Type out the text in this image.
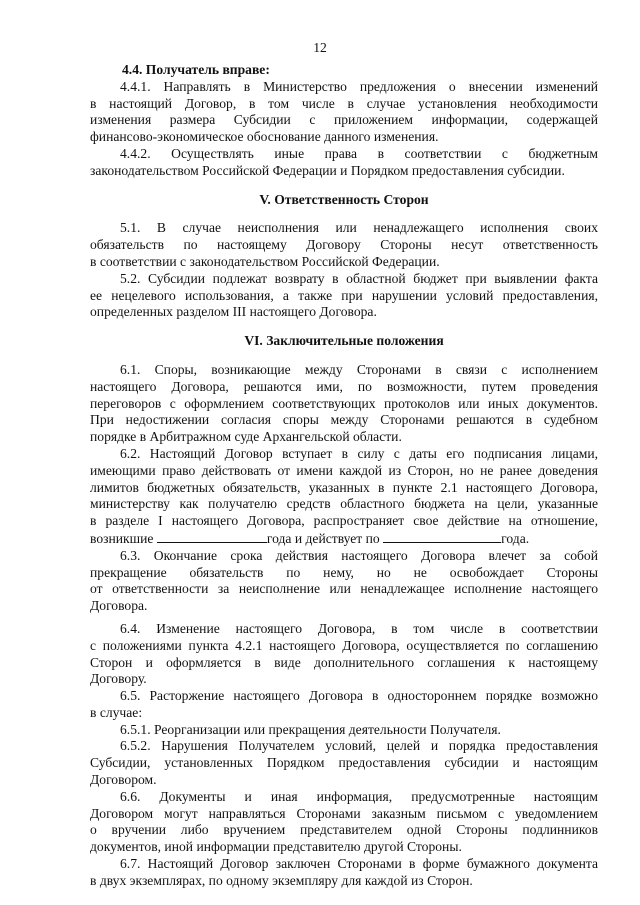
12

4.4. Получатель вправе:

4.4.1. Направлять в Министерство предложения о внесении изменений

в настоящий Договор, в том числе в случае установления необходимости

изменения размера Субсидии с приложением информации, содержащей

финансово-экономическое обоснование данного изменения.

4.4.2. Осуществлять иные права в соответствии с бюджетным

законодательством Российской Федерации и Порядком предоставления субсидии.

V. Ответственность Сторон

5.1. В случае неисполнения или ненадлежащего исполнения своих

обязательств по настоящему Договору Стороны несут ответственность

в соответствии с законодательством Российской Федерации.

5.2. Субсидии подлежат возврату в областной бюджет при выявлении факта

ее нецелевого использования, а также при нарушении условий предоставления,

определенных разделом III настоящего Договора.

VI. Заключительные положения

6.1. Споры, возникающие между Сторонами в связи с исполнением

настоящего Договора, решаются ими, по возможности, путем проведения

переговоров с оформлением соответствующих протоколов или иных документов.

При недостижении согласия споры между Сторонами решаются в судебном

порядке в Арбитражном суде Архангельской области.

6.2. Настоящий Договор вступает в силу с даты его подписания лицами,

имеющими право действовать от имени каждой из Сторон, но не ранее доведения

лимитов бюджетных обязательств, указанных в пункте 2.1 настоящего Договора,

министерству как получателю средств областного бюджета на цели, указанные

в разделе I настоящего Договора, распространяет свое действие на отношение,

возникшие	года и действует по	года.

6.3. Окончание срока действия настоящего Договора влечет за собой

прекращение обязательств по нему, но не освобождает Стороны

от ответственности за неисполнение или ненадлежащее исполнение настоящего

Договора.

6.4. Изменение настоящего Договора, в том числе в соответствии

с положениями пункта 4.2.1 настоящего Договора, осуществляется по соглашению

Сторон и оформляется в виде дополнительного соглашения к настоящему

Договору.

6.5. Расторжение настоящего Договора в одностороннем порядке возможно

в случае:

6.5.1. Реорганизации или прекращения деятельности Получателя.

6.5.2. Нарушения Получателем условий, целей и порядка предоставления

Субсидии, установленных Порядком предоставления субсидии и настоящим

Договором.

6.6. Документы и иная информация, предусмотренные настоящим

Договором могут направляться Сторонами заказным письмом с уведомлением

о вручении либо вручением представителем одной Стороны подлинников

документов, иной информации представителю другой Стороны.

6.7. Настоящий Договор заключен Сторонами в форме бумажного документа

в двух экземплярах, по одному экземпляру для каждой из Сторон.
